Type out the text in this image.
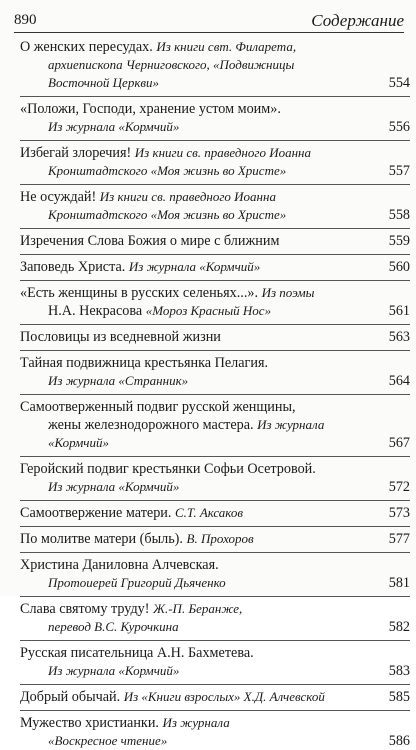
890	Содержание
О женских пересудах. Из книги свт. Филарета,
архиепископа Черниговского, «Подвижницы
Восточной Церкви»	554
«Положи, Господи, хранение устом моим».
Из журнала «Кормчий»	556
Избегай злоречия! Из книги св. праведного Иоанна
Кронштадтского «Моя жизнь во Христе»	557
Не осуждай! Из книги св. праведного Иоанна
Кронштадтского «Моя жизнь во Христе»	558
Изречения Слова Божия о мире с ближним	559
Заповедь Христа. Из журнала «Кормчий»	560
«Есть женщины в русских селеньях...». Из поэмы
Н.А. Некрасова «Мороз Красный Нос»	561
Пословицы из вседневной жизни	563
Тайная подвижница крестьянка Пелагия.
Из журнала «Странник»	564
Самоотверженный подвиг русской женщины,
жены железнодорожного мастера. Из журнала
«Кормчий»	567
Геройский подвиг крестьянки Софьи Осетровой.
Из журнала «Кормчий»	572
Самоотвержение матери. С.Т. Аксаков	573
По молитве матери (быль). В. Прохоров	577
Христина Даниловна Алчевская.
Протоиерей Григорий Дьяченко	581
Слава святому труду! Ж.-П. Беранже,
перевод В.С. Курочкина	582
Русская писательница А.Н. Бахметева.
Из журнала «Кормчий»	583
Добрый обычай. Из «Книги взрослых» Х.Д. Алчевской	585
Мужество христианки. Из журнала
«Воскресное чтение»	586
